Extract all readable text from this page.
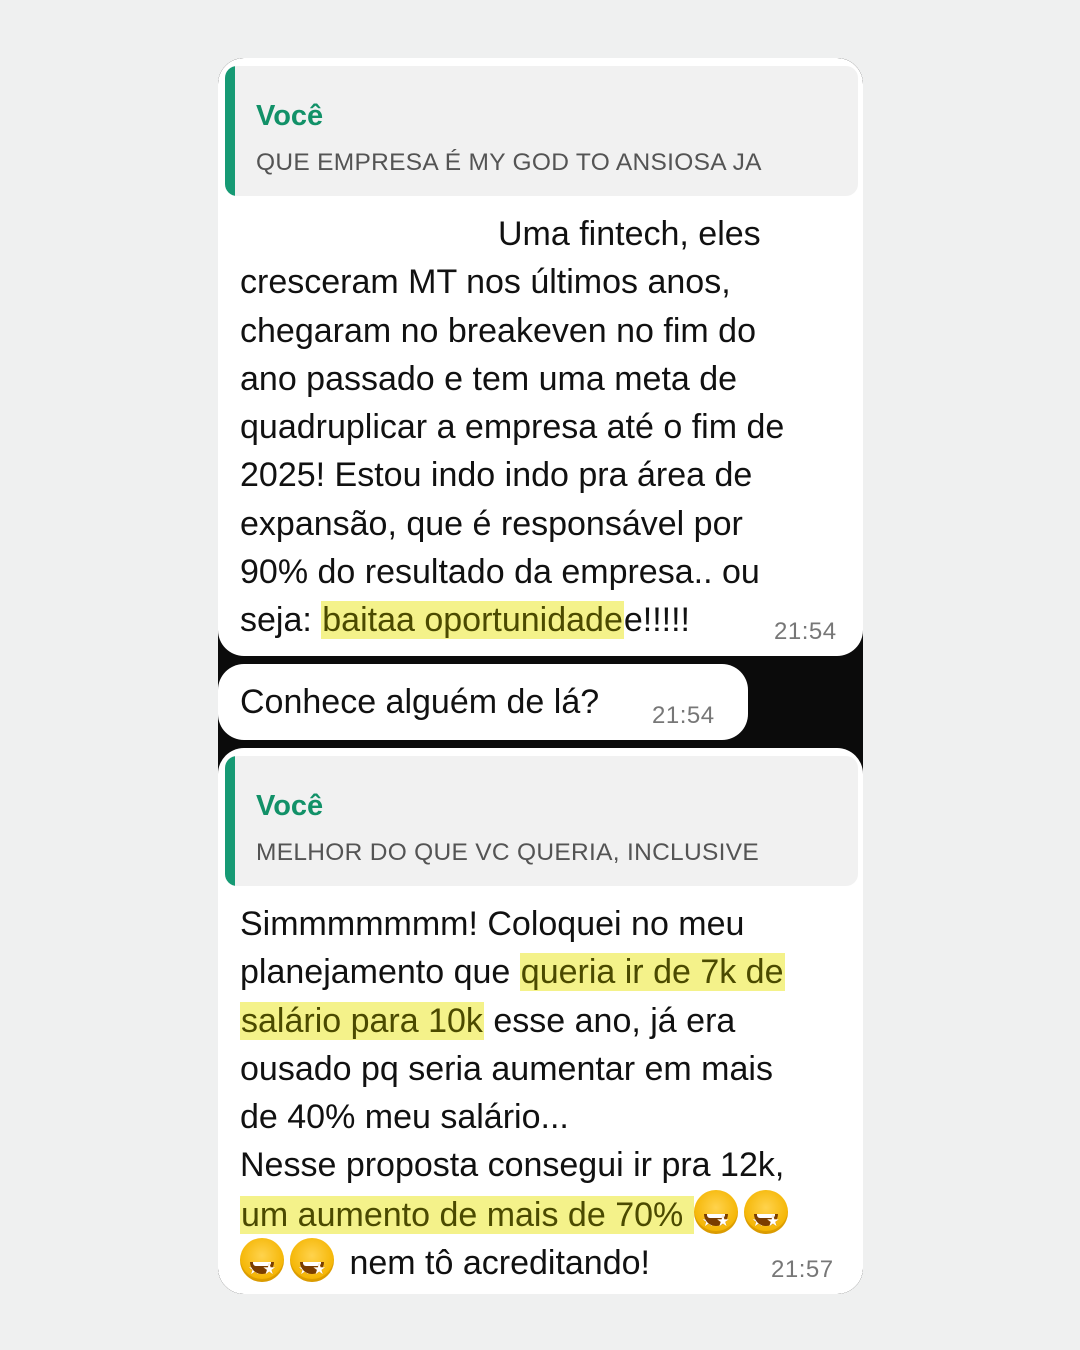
Você
QUE EMPRESA É MY GOD TO ANSIOSA JA
Uma fintech, eles
cresceram MT nos últimos anos,
chegaram no breakeven no fim do
ano passado e tem uma meta de
quadruplicar a empresa até o fim de
2025! Estou indo indo pra área de
expansão, que é responsável por
90% do resultado da empresa.. ou
seja: baitaa oportunidadee!!!!!	21:54
Conhece alguém de lá? 21:54
Você
MELHOR DO QUE VC QUERIA, INCLUSIVE
Simmmmmmm! Coloquei no meu
planejamento que queria ir de 7k de
salário para 10k esse ano, já era
ousado pq seria aumentar em mais
de 40% meu salário...
Nesse proposta consegui ir pra 12k,
um aumento de mais de 70% ★
★★
★
★
★★
★ nem tô acreditando!	21:57
